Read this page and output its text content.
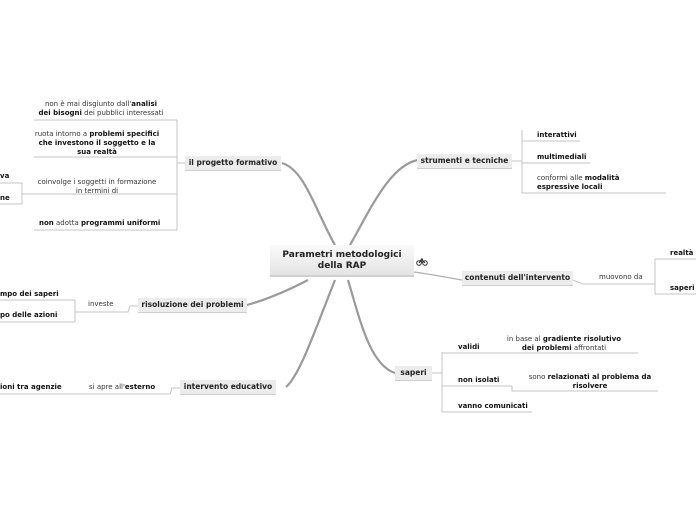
Parametri metodologici
della RAP
il progetto formativo
non è mai disgiunto dall'analisi
dei bisogni dei pubblici interessati
ruota intorno a problemi specifici
che investono il soggetto e la
sua realtà
coinvolge i soggetti in formazione
in termini di
va
ne
non adotta programmi uniformi
strumenti e tecniche
interattivi
multimediali
conformi alle modalità
espressive locali
contenuti dell'intervento	muovono da
realtà
saperi
risoluzione dei problemi
investe
mpo dei saperi
po delle azioni
intervento educativo
si apre all'esterno
ioni tra agenzie
saperi
validi
in base al gradiente risolutivo
dei problemi affrontati
non isolati	sono relazionati al problema da
risolvere
vanno comunicati
